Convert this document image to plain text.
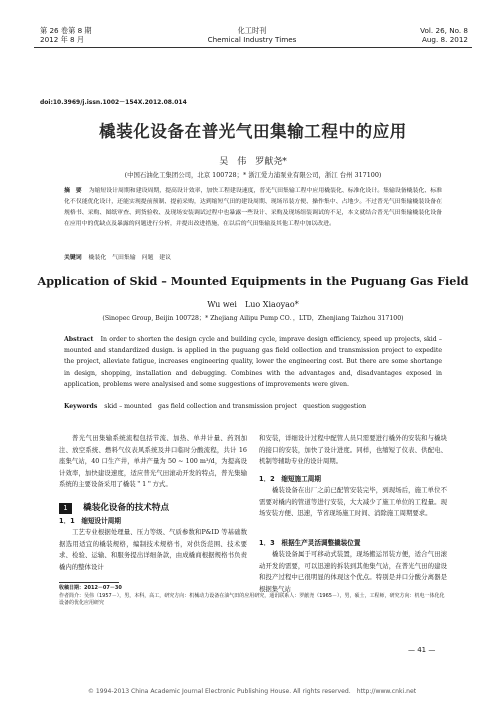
第 26 卷第 8 期
2012 年 8 月
化工时刊
Chemical Industry Times
Vol. 26, No. 8
Aug. 8. 2012
doi:10.3969/j.issn.1002－154X.2012.08.014
橇装化设备在普光气田集输工程中的应用
吴　伟　罗献尧*
(中国石油化工集团公司，北京 100728；* 浙江爱力浦泵业有限公司，浙江 台州 317100)
摘　要 为缩短设计周期和建设周期，提高设计效率，加快工程建设速度，普光气田集输工程中应用橇装化、标准化设计。集输设备橇装化、标准化不仅能优化设计，还能实现提前预制、提前采购，达到缩短气田的建设周期、现场吊装方便、操作集中、占地少。不过普光气田集输橇装设备在规格书、采购、图纸审查、到货验收、及现场安装调试过程中也暴露一些设计、采购及现场组装调试的不足，本文就结合普光气田集输橇装化设备在应用中的优缺点及暴露的问题进行分析，并提出改进措施，在以后的气田集输及其他工程中加以改进。
关键词 橇装化　气田集输　问题　建议
Application of Skid – Mounted Equipments in the Puguang Gas Field
Wu wei　Luo Xiaoyao*
(Sinopec Group, Beijin 100728；* Zhejiang Ailipu Pump CO．，LTD，Zhenjiang Taizhou 317100)
Abstract In order to shorten the design cycle and building cycle, imprave design efficiency, speed up projects, skid – mounted and standardized dusign. is applied in the puguang gas field collection and transmission project to expedite the project, alleviate fatigue, increases engineering quality, lower the engineering cost. But there are some shortange in design, shopping, installation and debugging. Combines with the advantages and, disadvantages exposed in application, problems were analysised and some suggestions of improvements were given.
Keywords skid – mounted　gas field collection and transmission project　question suggestion
普光气田集输系统流程包括节流、加热、单井计量、药剂加注、放空系统、燃料气仪表风系统及井口临时分酸流程，共计 16 座集气站，40 口生产井，单井产量为 50 ~ 100 m³/d，为提高设计效率，加快建设速度，适应普光气田滚动开发的特点，普光集输系统的主要设备采用了橇装＂1＂方式。
1 橇装化设备的技术特点
1．1　缩短设计周期
工艺专业根据处理量、压力等级、气质参数和P&ID 等基础数据选用适宜的橇装规格，编制技术规格书，对供货范围、技术要求、检验、运输、和服务提出详细条款，由成橇商根据规格书负责橇内的整体设计
和安装，详细设计过程中配管人员只需要进行橇外的安装和与橇块的接口的安装，加快了设计进度。同样，也缩短了仪表、供配电、机制等辅助专业的设计周期。
1．2　缩短施工周期
橇装设备在出厂之前已配管安装完毕，到现场后，施工单位不需要对橇内的管道等进行安装，大大减少了施工单位的工程量。现场安装方便、迅速，节省现场施工时间、消除施工周期要求。
1．3　根据生产灵活调整撬装位置
橇装设备属于可移动式装置，现场搬运吊装方便，适合气田滚动开发的需要，可以迅速的拆装到其他集气站，在普光气田的建设和投产过程中已很明显的体现这个优点。特别是并口分酸分离器是根据集气站
收稿日期：2012－07－30
作者简介：吴伟（1957－），男，本科，高工，研究方向：机械动力设备在油气田的应用研究，通讯联系人：罗献尧（1965－），男，硕士，工程师，研究方向：机电一体化化设备的优化应用研究
— 41 —
© 1994-2013 China Academic Journal Electronic Publishing House. All rights reserved.　http://www.cnki.net
